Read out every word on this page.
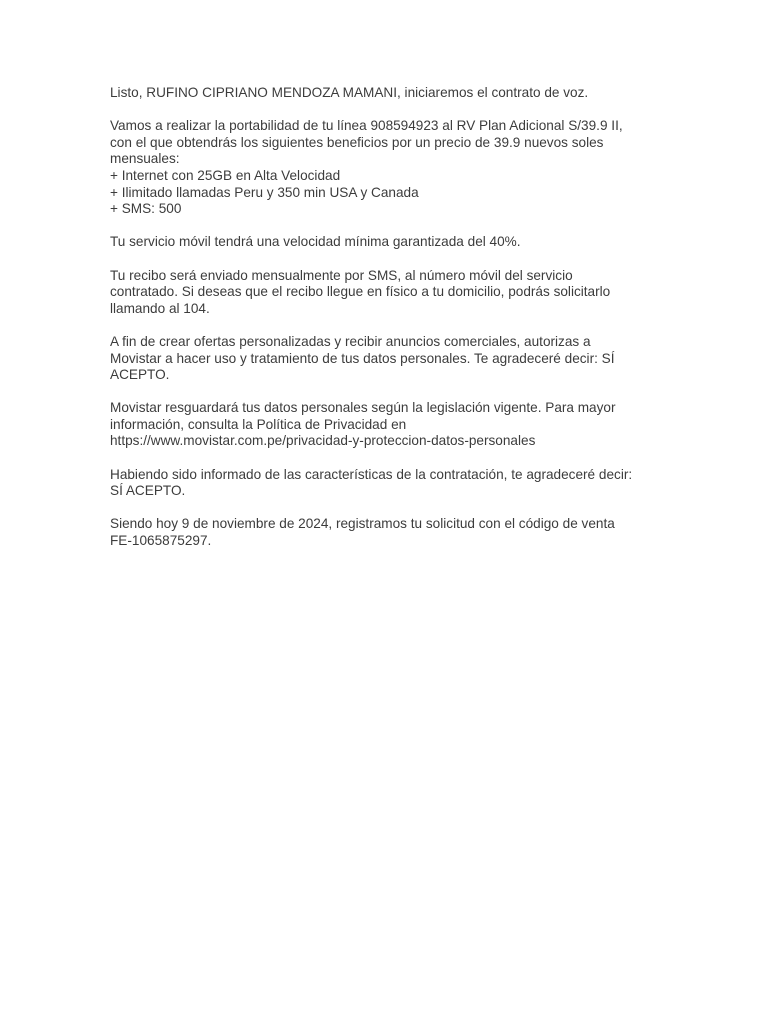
Listo, RUFINO CIPRIANO MENDOZA MAMANI, iniciaremos el contrato de voz.

Vamos a realizar la portabilidad de tu línea 908594923 al RV Plan Adicional S/39.9 II,
con el que obtendrás los siguientes beneficios por un precio de 39.9 nuevos soles
mensuales:
+ Internet con 25GB en Alta Velocidad
+ Ilimitado llamadas Peru y 350 min USA y Canada
+ SMS: 500

Tu servicio móvil tendrá una velocidad mínima garantizada del 40%.

Tu recibo será enviado mensualmente por SMS, al número móvil del servicio
contratado. Si deseas que el recibo llegue en físico a tu domicilio, podrás solicitarlo
llamando al 104.

A fin de crear ofertas personalizadas y recibir anuncios comerciales, autorizas a
Movistar a hacer uso y tratamiento de tus datos personales. Te agradeceré decir: SÍ
ACEPTO.

Movistar resguardará tus datos personales según la legislación vigente. Para mayor
información, consulta la Política de Privacidad en
https://www.movistar.com.pe/privacidad-y-proteccion-datos-personales

Habiendo sido informado de las características de la contratación, te agradeceré decir:
SÍ ACEPTO.

Siendo hoy 9 de noviembre de 2024, registramos tu solicitud con el código de venta
FE-1065875297.
